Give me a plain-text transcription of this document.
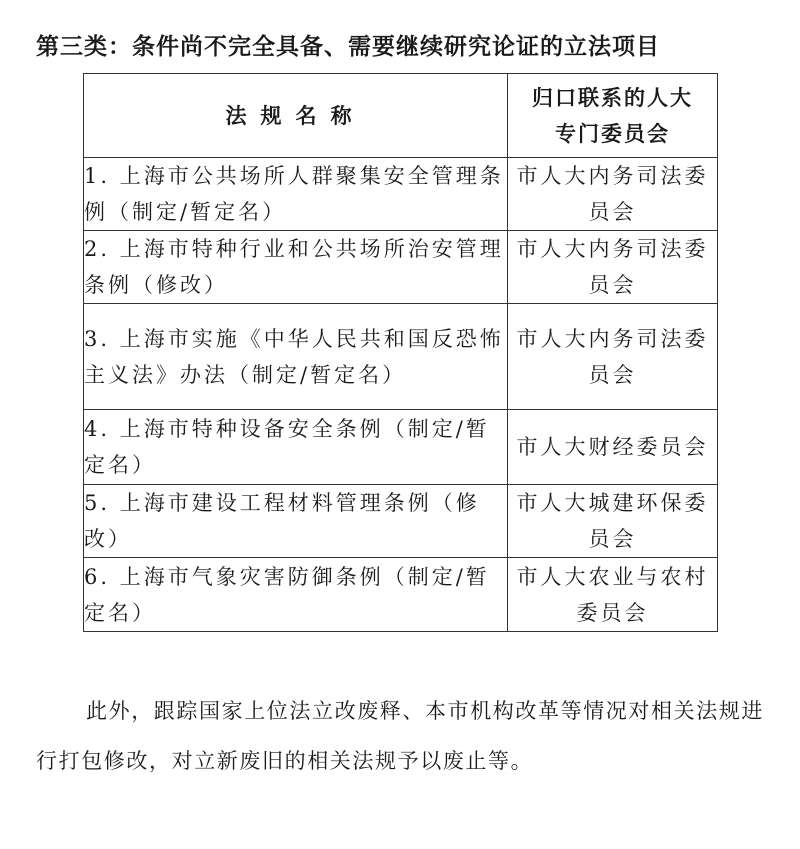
第三类：条件尚不完全具备、需要继续研究论证的立法项目
法规名称	归口联系的人大
专门委员会

1. 上海市公共场所人群聚集安全管理条例（制定/暂定名）	市人大内务司法委员会
2. 上海市特种行业和公共场所治安管理条例（修改）	市人大内务司法委员会
3. 上海市实施《中华人民共和国反恐怖主义法》办法（制定/暂定名）	市人大内务司法委员会
4. 上海市特种设备安全条例（制定/暂定名）	市人大财经委员会
5. 上海市建设工程材料管理条例（修改）	市人大城建环保委员会
6. 上海市气象灾害防御条例（制定/暂定名）	市人大农业与农村委员会
此外，跟踪国家上位法立改废释、本市机构改革等情况对相关法规进行打包修改，对立新废旧的相关法规予以废止等。
